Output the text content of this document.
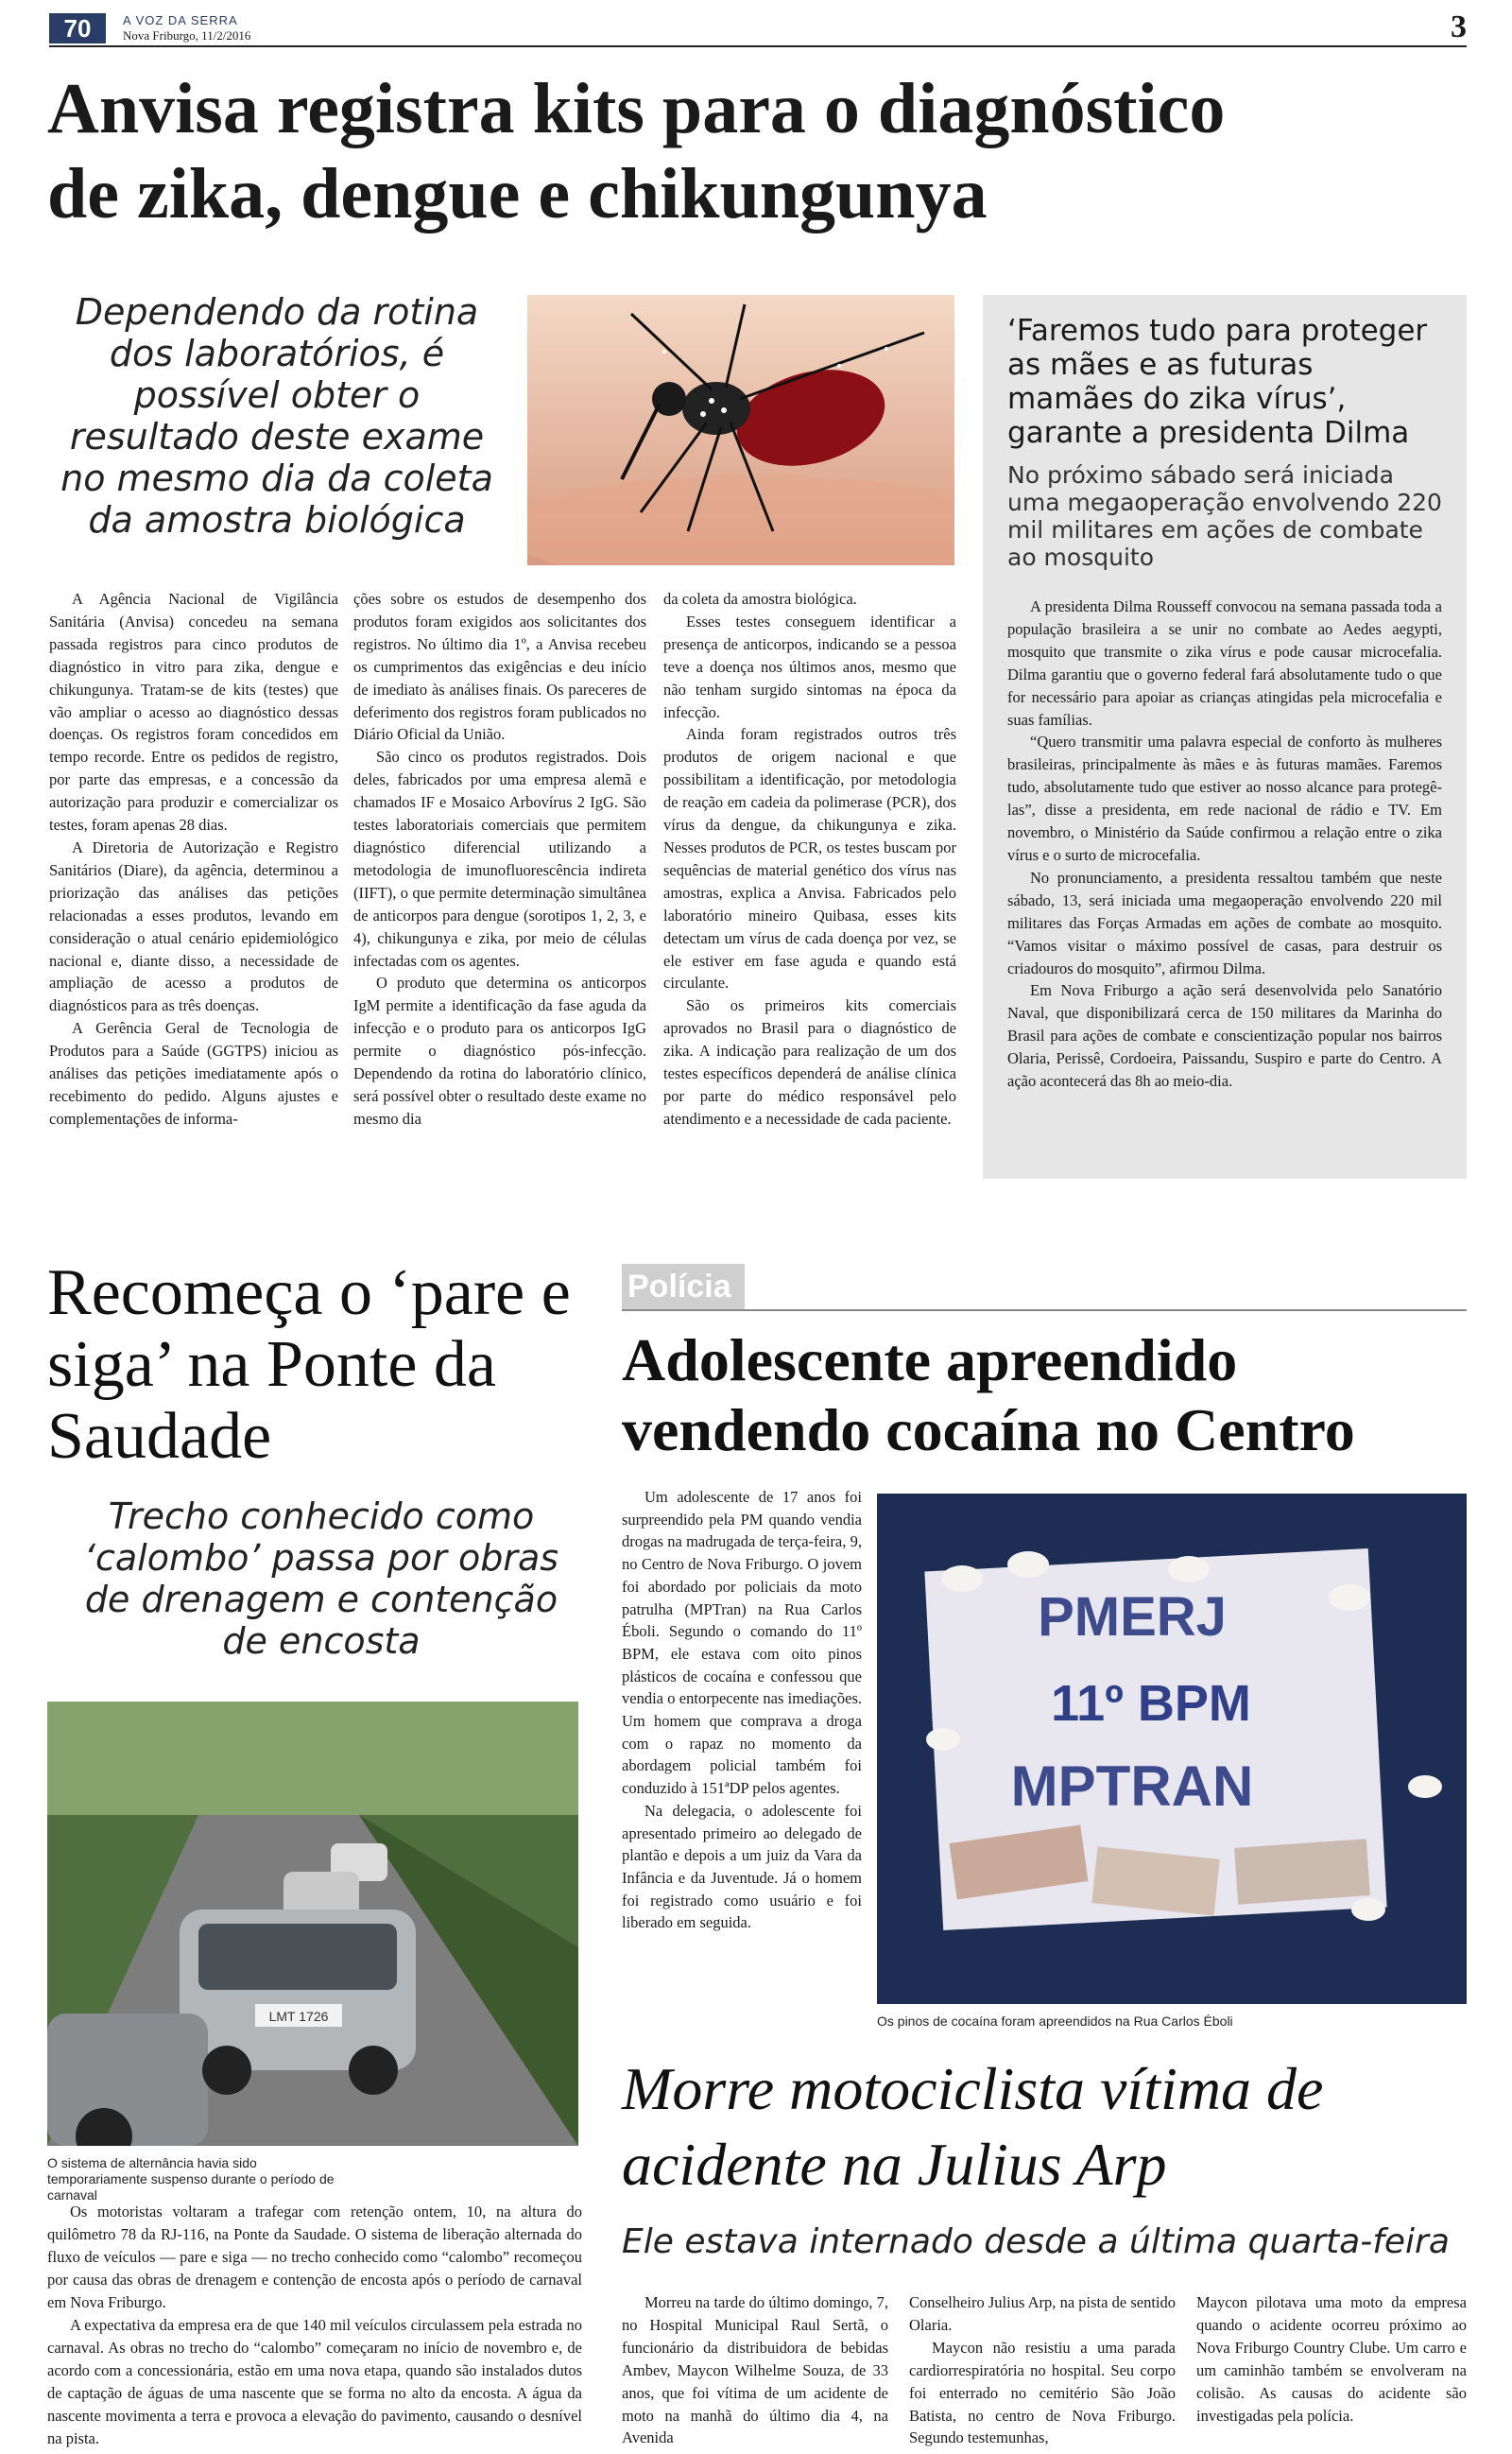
70	A VOZ DA SERRA
Nova Friburgo, 11/2/2016	3
Anvisa registra kits para o diagnóstico
de zika, dengue e chikungunya
Dependendo da rotina dos laboratórios, é possível obter o resultado deste exame no mesmo dia da coleta da amostra biológica

A Agência Nacional de Vigilância Sanitária (Anvisa) concedeu na semana passada registros para cinco produtos de diagnóstico in vitro para zika, dengue e chikungunya. Tratam-se de kits (testes) que vão ampliar o acesso ao diagnóstico dessas doenças. Os registros foram concedidos em tempo recorde. Entre os pedidos de registro, por parte das empresas, e a concessão da autorização para produzir e comercializar os testes, foram apenas 28 dias.

A Diretoria de Autorização e Registro Sanitários (Diare), da agência, determinou a priorização das análises das petições relacionadas a esses produtos, levando em consideração o atual cenário epidemiológico nacional e, diante disso, a necessidade de ampliação de acesso a produtos de diagnósticos para as três doenças.

A Gerência Geral de Tecnologia de Produtos para a Saúde (GGTPS) iniciou as análises das petições imediatamente após o recebimento do pedido. Alguns ajustes e complementações de informa-

ções sobre os estudos de desempenho dos produtos foram exigidos aos solicitantes dos registros. No último dia 1º, a Anvisa recebeu os cumprimentos das exigências e deu início de imediato às análises finais. Os pareceres de deferimento dos registros foram publicados no Diário Oficial da União.

São cinco os produtos registrados. Dois deles, fabricados por uma empresa alemã e chamados IF e Mosaico Arbovírus 2 IgG. São testes laboratoriais comerciais que permitem diagnóstico diferencial utilizando a metodologia de imunofluorescência indireta (IIFT), o que permite determinação simultânea de anticorpos para dengue (sorotipos 1, 2, 3, e 4), chikungunya e zika, por meio de células infectadas com os agentes.

O produto que determina os anticorpos IgM permite a identificação da fase aguda da infecção e o produto para os anticorpos IgG permite o diagnóstico pós-infecção. Dependendo da rotina do laboratório clínico, será possível obter o resultado deste exame no mesmo dia

da coleta da amostra biológica.

Esses testes conseguem identificar a presença de anticorpos, indicando se a pessoa teve a doença nos últimos anos, mesmo que não tenham surgido sintomas na época da infecção.

Ainda foram registrados outros três produtos de origem nacional e que possibilitam a identificação, por metodologia de reação em cadeia da polimerase (PCR), dos vírus da dengue, da chikungunya e zika. Nesses produtos de PCR, os testes buscam por sequências de material genético dos vírus nas amostras, explica a Anvisa. Fabricados pelo laboratório mineiro Quibasa, esses kits detectam um vírus de cada doença por vez, se ele estiver em fase aguda e quando está circulante.

São os primeiros kits comerciais aprovados no Brasil para o diagnóstico de zika. A indicação para realização de um dos testes específicos dependerá de análise clínica por parte do médico responsável pelo atendimento e a necessidade de cada paciente.

‘Faremos tudo para proteger as mães e as futuras mamães do zika vírus’, garante a presidenta Dilma
No próximo sábado será iniciada uma megaoperação envolvendo 220 mil militares em ações de combate ao mosquito

A presidenta Dilma Rousseff convocou na semana passada toda a população brasileira a se unir no combate ao Aedes aegypti, mosquito que transmite o zika vírus e pode causar microcefalia. Dilma garantiu que o governo federal fará absolutamente tudo o que for necessário para apoiar as crianças atingidas pela microcefalia e suas famílias.

“Quero transmitir uma palavra especial de conforto às mulheres brasileiras, principalmente às mães e às futuras mamães. Faremos tudo, absolutamente tudo que estiver ao nosso alcance para protegê-las”, disse a presidenta, em rede nacional de rádio e TV. Em novembro, o Ministério da Saúde confirmou a relação entre o zika vírus e o surto de microcefalia.

No pronunciamento, a presidenta ressaltou também que neste sábado, 13, será iniciada uma megaoperação envolvendo 220 mil militares das Forças Armadas em ações de combate ao mosquito. “Vamos visitar o máximo possível de casas, para destruir os criadouros do mosquito”, afirmou Dilma.

Em Nova Friburgo a ação será desenvolvida pelo Sanatório Naval, que disponibilizará cerca de 150 militares da Marinha do Brasil para ações de combate e conscientização popular nos bairros Olaria, Perissê, Cordoeira, Paissandu, Suspiro e parte do Centro. A ação acontecerá das 8h ao meio-dia.

Recomeça o ‘pare e siga’ na Ponte da Saudade
Trecho conhecido como ‘calombo’ passa por obras de drenagem e contenção de encosta
LMT 1726
O sistema de alternância havia sido temporariamente suspenso durante o período de carnaval

Os motoristas voltaram a trafegar com retenção ontem, 10, na altura do quilômetro 78 da RJ-116, na Ponte da Saudade. O sistema de liberação alternada do fluxo de veículos — pare e siga — no trecho conhecido como “calombo” recomeçou por causa das obras de drenagem e contenção de encosta após o período de carnaval em Nova Friburgo.

A expectativa da empresa era de que 140 mil veículos circulassem pela estrada no carnaval. As obras no trecho do “calombo” começaram no início de novembro e, de acordo com a concessionária, estão em uma nova etapa, quando são instalados dutos de captação de águas de uma nascente que se forma no alto da encosta. A água da nascente movimenta a terra e provoca a elevação do pavimento, causando o desnível na pista.

Polícia
Adolescente apreendido vendendo cocaína no Centro

Um adolescente de 17 anos foi surpreendido pela PM quando vendia drogas na madrugada de terça-feira, 9, no Centro de Nova Friburgo. O jovem foi abordado por policiais da moto patrulha (MPTran) na Rua Carlos Éboli. Segundo o comando do 11º BPM, ele estava com oito pinos plásticos de cocaína e confessou que vendia o entorpecente nas imediações. Um homem que comprava a droga com o rapaz no momento da abordagem policial também foi conduzido à 151ªDP pelos agentes.

Na delegacia, o adolescente foi apresentado primeiro ao delegado de plantão e depois a um juiz da Vara da Infância e da Juventude. Já o homem foi registrado como usuário e foi liberado em seguida.

PMERJ
11º BPM
MPTRAN
Os pinos de cocaína foram apreendidos na Rua Carlos Éboli
Morre motociclista vítima de acidente na Julius Arp
Ele estava internado desde a última quarta-feira

Morreu na tarde do último domingo, 7, no Hospital Municipal Raul Sertã, o funcionário da distribuidora de bebidas Ambev, Maycon Wilhelme Souza, de 33 anos, que foi vítima de um acidente de moto na manhã do último dia 4, na Avenida

Conselheiro Julius Arp, na pista de sentido Olaria.

Maycon não resistiu a uma parada cardiorrespiratória no hospital. Seu corpo foi enterrado no cemitério São João Batista, no centro de Nova Friburgo. Segundo testemunhas,

Maycon pilotava uma moto da empresa quando o acidente ocorreu próximo ao Nova Friburgo Country Clube. Um carro e um caminhão também se envolveram na colisão. As causas do acidente são investigadas pela polícia.
